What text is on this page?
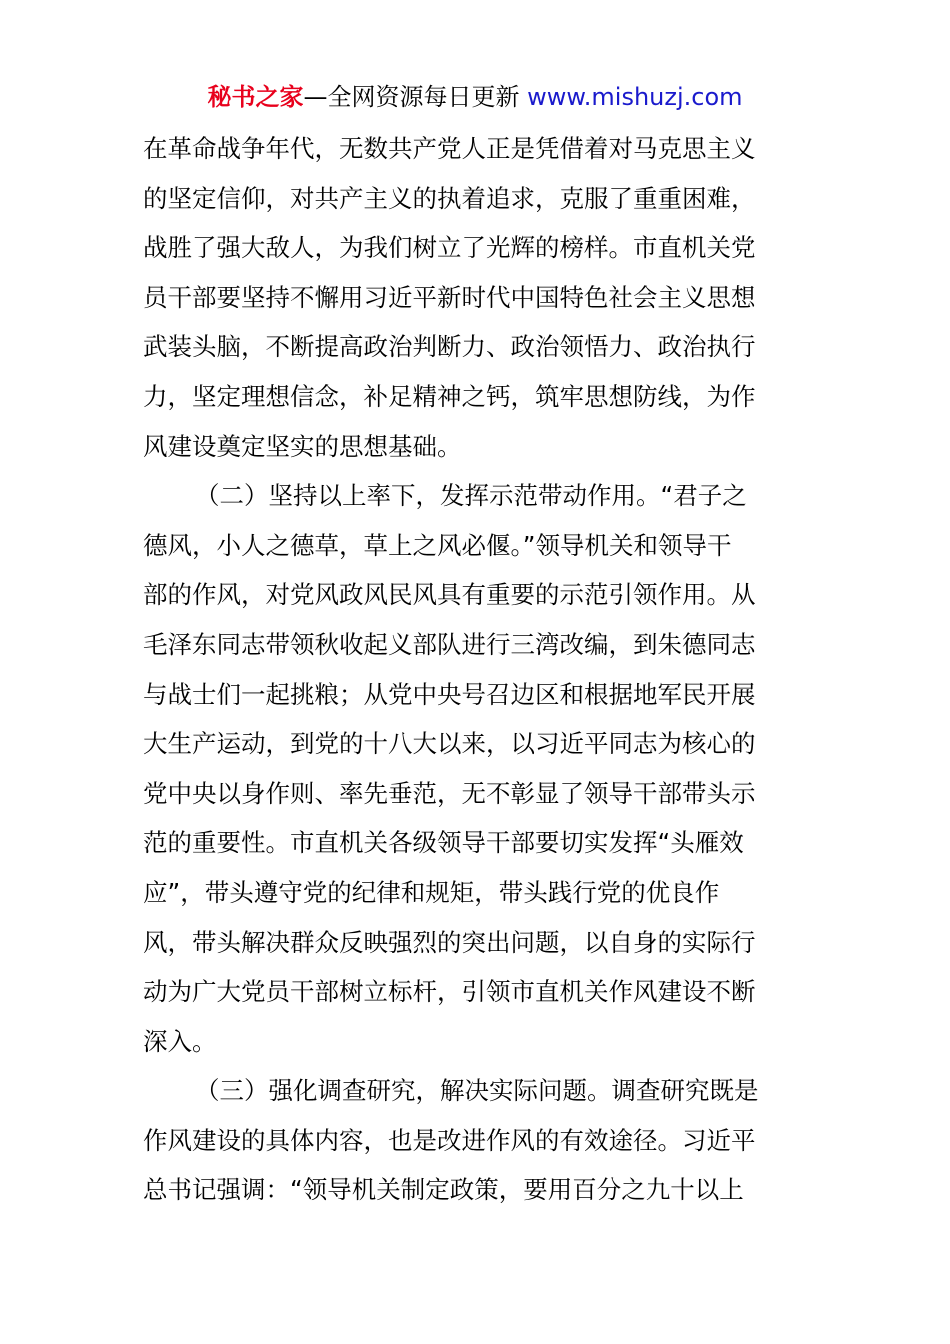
秘书之家—全网资源每日更新 www.mishuzj.com
在革命战争年代，无数共产党人正是凭借着对马克思主义
的坚定信仰，对共产主义的执着追求，克服了重重困难，
战胜了强大敌人，为我们树立了光辉的榜样。市直机关党
员干部要坚持不懈用习近平新时代中国特色社会主义思想
武装头脑，不断提高政治判断力、政治领悟力、政治执行
力，坚定理想信念，补足精神之钙，筑牢思想防线，为作
风建设奠定坚实的思想基础。
（二）坚持以上率下，发挥示范带动作用。“君子之
德风，小人之德草，草上之风必偃。”领导机关和领导干
部的作风，对党风政风民风具有重要的示范引领作用。从
毛泽东同志带领秋收起义部队进行三湾改编，到朱德同志
与战士们一起挑粮；从党中央号召边区和根据地军民开展
大生产运动，到党的十八大以来，以习近平同志为核心的
党中央以身作则、率先垂范，无不彰显了领导干部带头示
范的重要性。市直机关各级领导干部要切实发挥“头雁效
应”，带头遵守党的纪律和规矩，带头践行党的优良作
风，带头解决群众反映强烈的突出问题，以自身的实际行
动为广大党员干部树立标杆，引领市直机关作风建设不断
深入。
（三）强化调查研究，解决实际问题。调查研究既是
作风建设的具体内容，也是改进作风的有效途径。习近平
总书记强调：“领导机关制定政策，要用百分之九十以上
